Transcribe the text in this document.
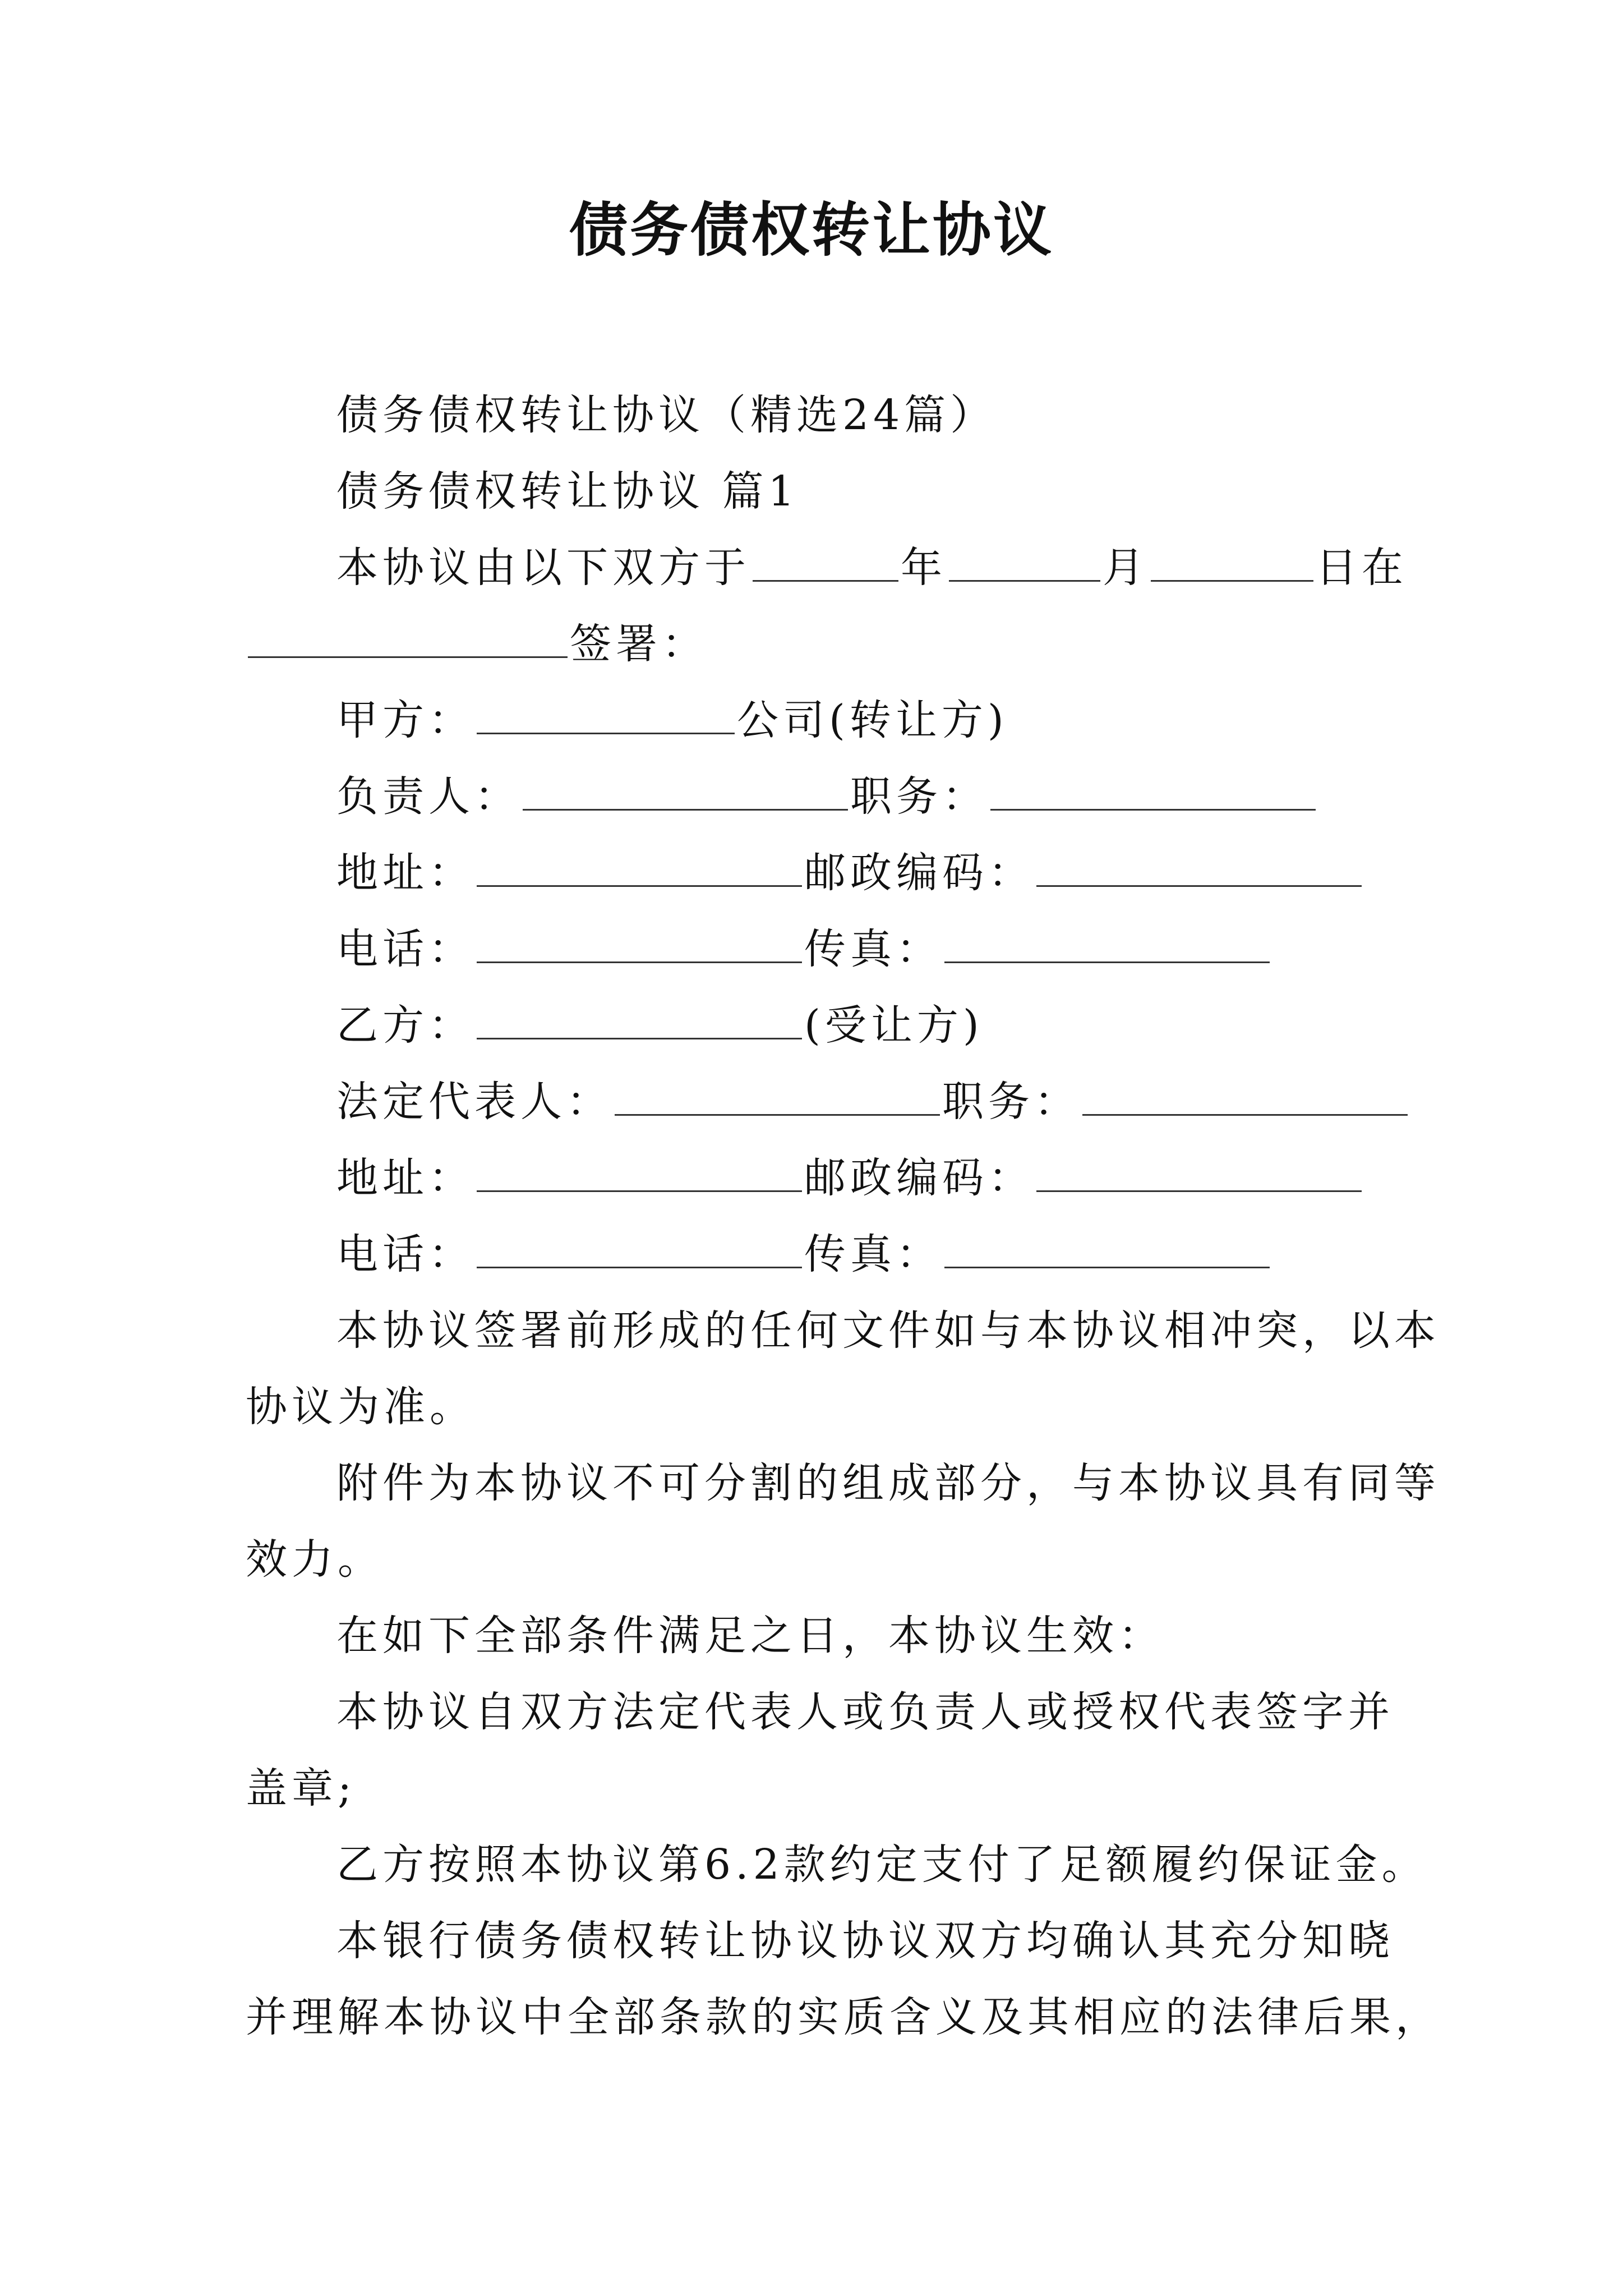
债务债权转让协议
债务债权转让协议（精选24篇）
债务债权转让协议 篇1
本协议由以下双方于	年	月	日在
签署：
甲方：	公司(转让方)
负责人：	职务：
地址：	邮政编码：
电话：	传真：
乙方：	(受让方)
法定代表人：	职务：
地址：	邮政编码：
电话：	传真：
本协议签署前形成的任何文件如与本协议相冲突，以本
协议为准。
附件为本协议不可分割的组成部分，与本协议具有同等
效力。
在如下全部条件满足之日，本协议生效：
本协议自双方法定代表人或负责人或授权代表签字并
盖章;
乙方按照本协议第6.2款约定支付了足额履约保证金。
本银行债务债权转让协议协议双方均确认其充分知晓
并理解本协议中全部条款的实质含义及其相应的法律后果，
